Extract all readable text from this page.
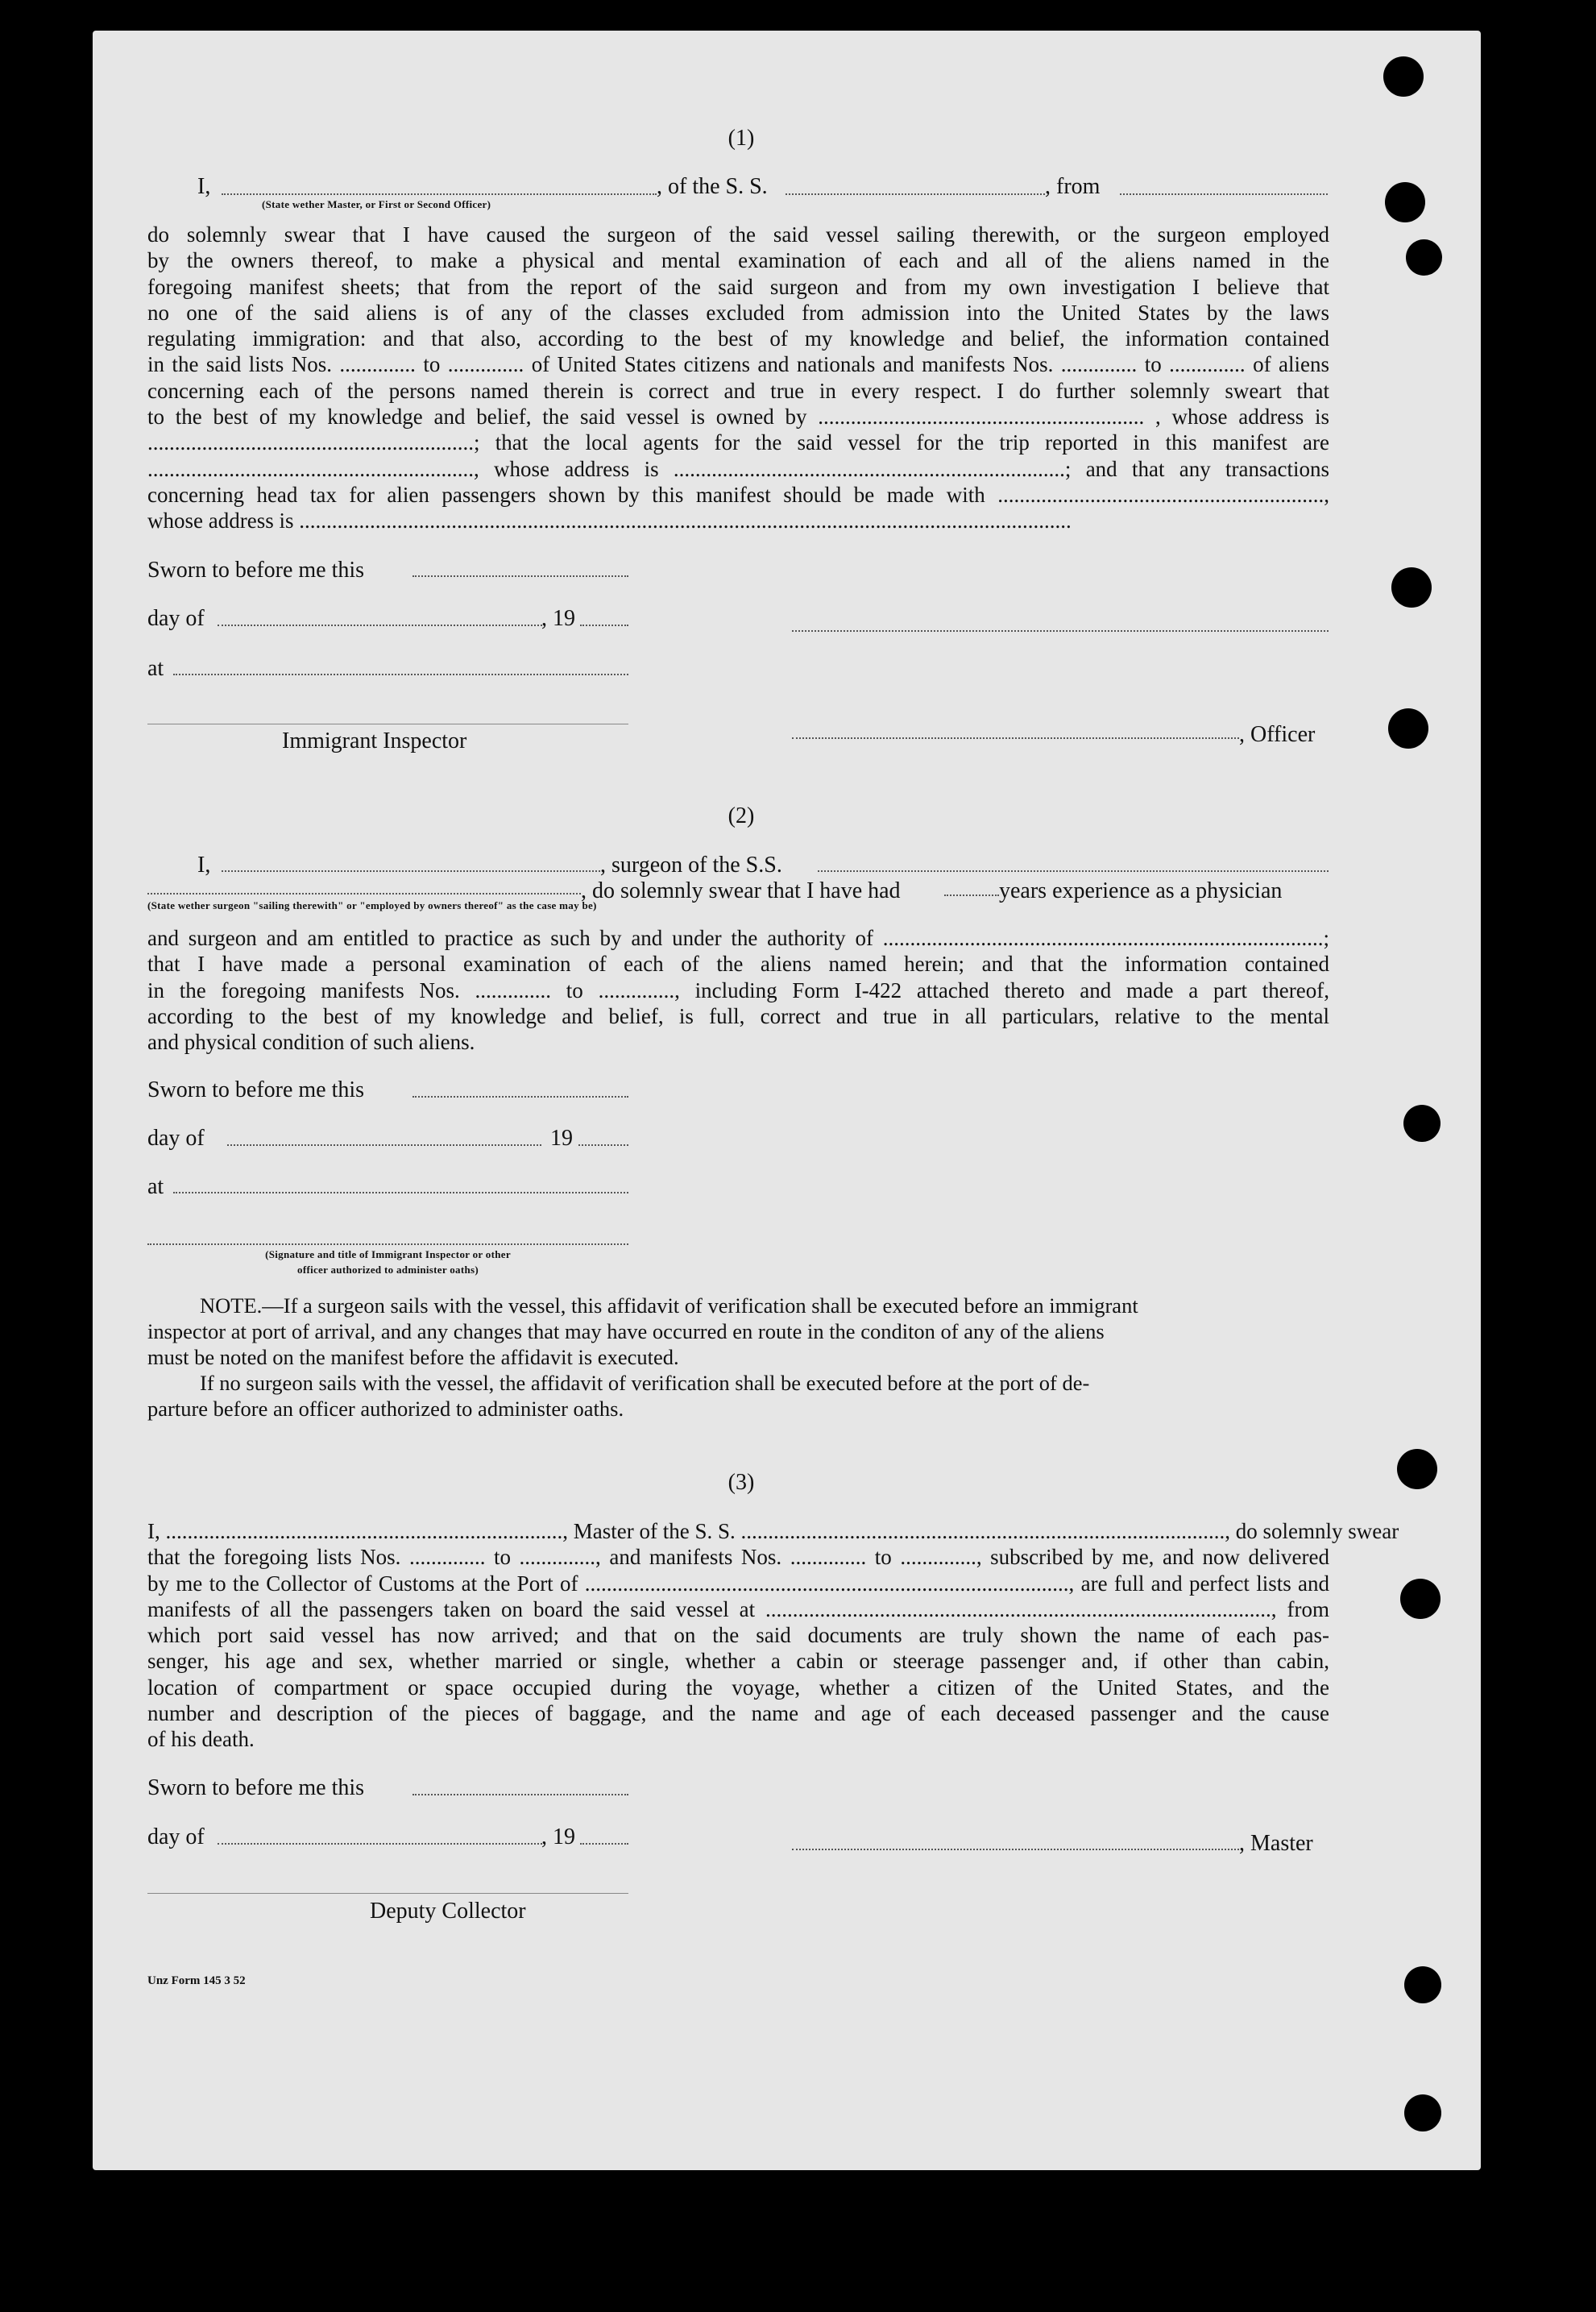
(1)
I,
(State wether Master, or First or Second Officer)
, of the S. S.	, from
do solemnly swear that I have caused the surgeon of the said vessel sailing therewith, or the surgeon employed
by the owners thereof, to make a physical and mental examination of each and all of the aliens named in the
foregoing manifest sheets; that from the report of the said surgeon and from my own investigation I believe that
no one of the said aliens is of any of the classes excluded from admission into the United States by the laws
regulating immigration: and that also, according to the best of my knowledge and belief, the information contained
in the said lists Nos. .............. to .............. of United States citizens and nationals and manifests Nos. .............. to .............. of aliens
concerning each of the persons named therein is correct and true in every respect. I do further solemnly sweart that
to the best of my knowledge and belief, the said vessel is owned by ............................................................ , whose address is
............................................................; that the local agents for the said vessel for the trip reported in this manifest are
............................................................, whose address is ........................................................................; and that any transactions
concerning head tax for alien passengers shown by this manifest should be made with ............................................................,
whose address is ..............................................................................................................................................
Sworn to before me this
day of	, 19
at
Immigrant Inspector	, Officer
(2)
I,	, surgeon of the S.S.
, do solemnly swear that I have had	years experience as a physician
(State wether surgeon "sailing therewith" or "employed by owners thereof" as the case may be)
and surgeon and am entitled to practice as such by and under the authority of .................................................................................;
that I have made a personal examination of each of the aliens named herein; and that the information contained
in the foregoing manifests Nos. .............. to .............., including Form I-422 attached thereto and made a part thereof,
according to the best of my knowledge and belief, is full, correct and true in all particulars, relative to the mental
and physical condition of such aliens.
Sworn to before me this
day of	19
at
(Signature and title of Immigrant Inspector or other
officer authorized to administer oaths)
NOTE.—If a surgeon sails with the vessel, this affidavit of verification shall be executed before an immigrant
inspector at port of arrival, and any changes that may have occurred en route in the conditon of any of the aliens
must be noted on the manifest before the affidavit is executed.
If no surgeon sails with the vessel, the affidavit of verification shall be executed before at the port of de-
parture before an officer authorized to administer oaths.
(3)
I, ........................................................................., Master of the S. S. ........................................................................................., do solemnly swear
that the foregoing lists Nos. .............. to .............., and manifests Nos. .............. to .............., subscribed by me, and now delivered
by me to the Collector of Customs at the Port of ........................................................................................., are full and perfect lists and
manifests of all the passengers taken on board the said vessel at ............................................................................................., from
which port said vessel has now arrived; and that on the said documents are truly shown the name of each pas-
senger, his age and sex, whether married or single, whether a cabin or steerage passenger and, if other than cabin,
location of compartment or space occupied during the voyage, whether a citizen of the United States, and the
number and description of the pieces of baggage, and the name and age of each deceased passenger and the cause
of his death.
Sworn to before me this
day of	, 19	, Master
Deputy Collector
Unz Form 145 3 52
